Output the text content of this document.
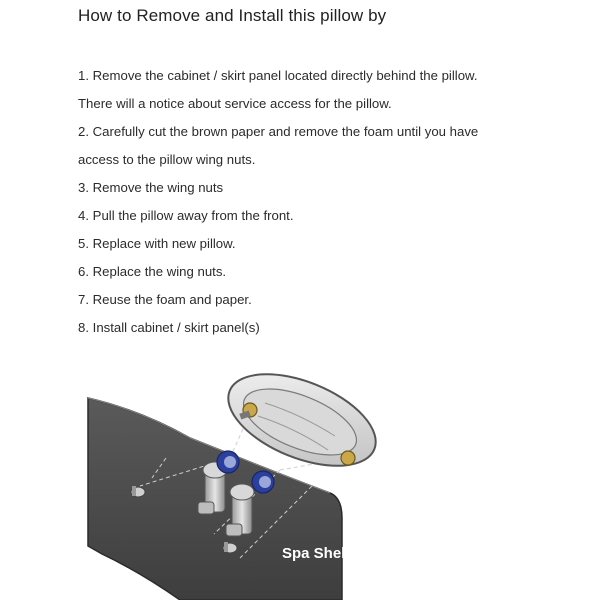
How to Remove and Install this pillow by
1. Remove the cabinet / skirt panel located directly behind the pillow.
There will a notice about service access for the pillow.
2. Carefully cut the brown paper and remove the foam until you have
access to the pillow wing nuts.
3. Remove the wing nuts
4. Pull the pillow away from the front.
5. Replace with new pillow.
6. Replace the wing nuts.
7. Reuse the foam and paper.
8. Install cabinet / skirt panel(s)
Spa Shell
